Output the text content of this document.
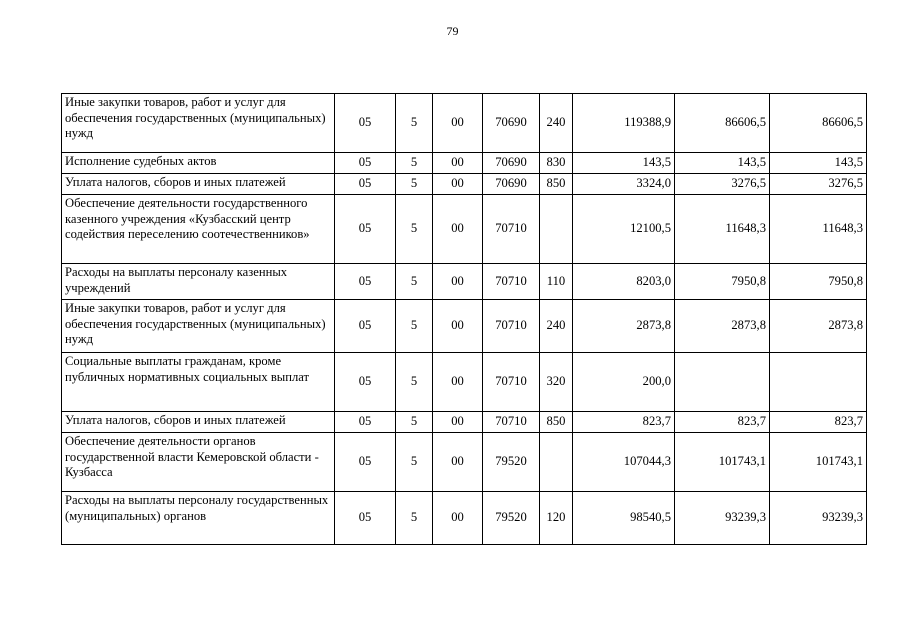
79
Иные закупки товаров, работ и услуг для обеспечения государственных (муниципальных) нужд	05	5	00	70690	240	119388,9	86606,5	86606,5
Исполнение судебных актов	05	5	00	70690	830	143,5	143,5	143,5
Уплата налогов, сборов и иных платежей	05	5	00	70690	850	3324,0	3276,5	3276,5
Обеспечение деятельности государственного казенного учреждения «Кузбасский центр содействия переселению соотечественников»	05	5	00	70710		12100,5	11648,3	11648,3
Расходы на выплаты персоналу казенных учреждений	05	5	00	70710	110	8203,0	7950,8	7950,8
Иные закупки товаров, работ и услуг для обеспечения государственных (муниципальных) нужд	05	5	00	70710	240	2873,8	2873,8	2873,8
Социальные выплаты гражданам, кроме публичных нормативных социальных выплат	05	5	00	70710	320	200,0		
Уплата налогов, сборов и иных платежей	05	5	00	70710	850	823,7	823,7	823,7
Обеспечение деятельности органов государственной власти Кемеровской области - Кузбасса	05	5	00	79520		107044,3	101743,1	101743,1
Расходы на выплаты персоналу государственных (муниципальных) органов	05	5	00	79520	120	98540,5	93239,3	93239,3
